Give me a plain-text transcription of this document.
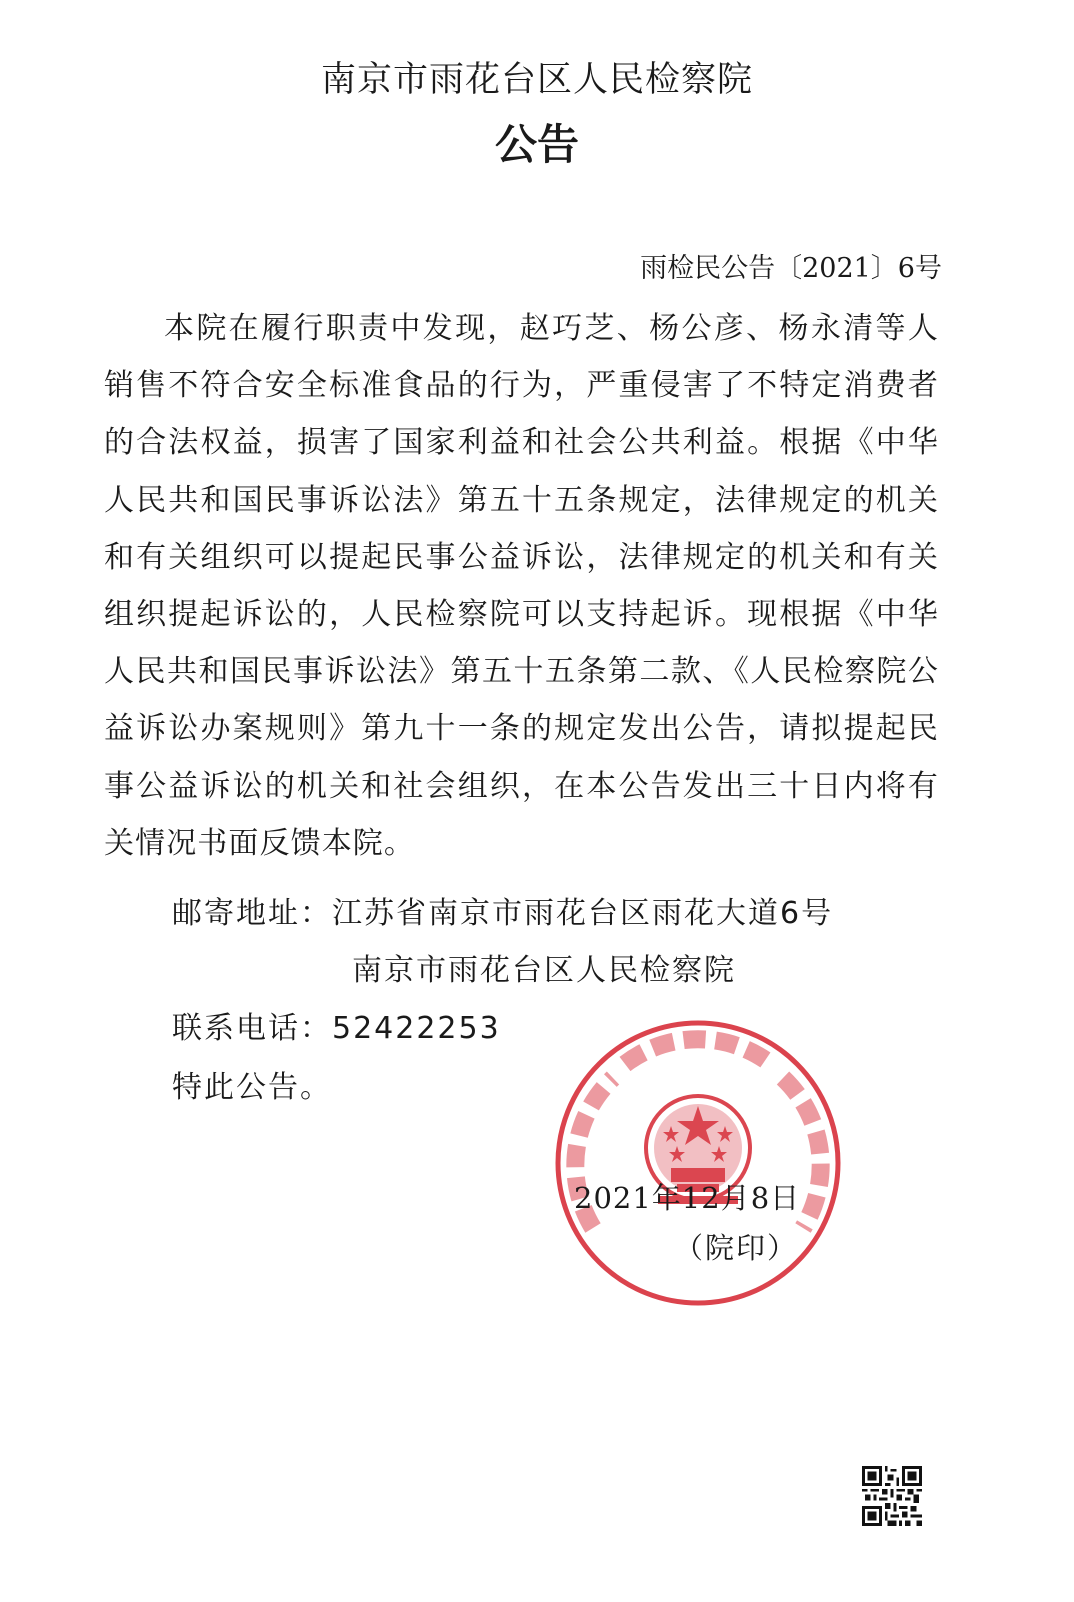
南京市雨花台区人民检察院
公告
雨检民公告〔2021〕6号

本院在履行职责中发现，赵巧芝、杨公彦、杨永清等人销售不符合安全标准食品的行为，严重侵害了不特定消费者的合法权益，损害了国家利益和社会公共利益。根据《中华人民共和国民事诉讼法》第五十五条规定，法律规定的机关和有关组织可以提起民事公益诉讼，法律规定的机关和有关组织提起诉讼的，人民检察院可以支持起诉。现根据《中华人民共和国民事诉讼法》第五十五条第二款、《人民检察院公益诉讼办案规则》第九十一条的规定发出公告，请拟提起民事公益诉讼的机关和社会组织，在本公告发出三十日内将有关情况书面反馈本院。

邮寄地址：江苏省南京市雨花台区雨花大道6号
南京市雨花台区人民检察院
联系电话：52422253
特此公告。
2021年12月8日
（院印）
